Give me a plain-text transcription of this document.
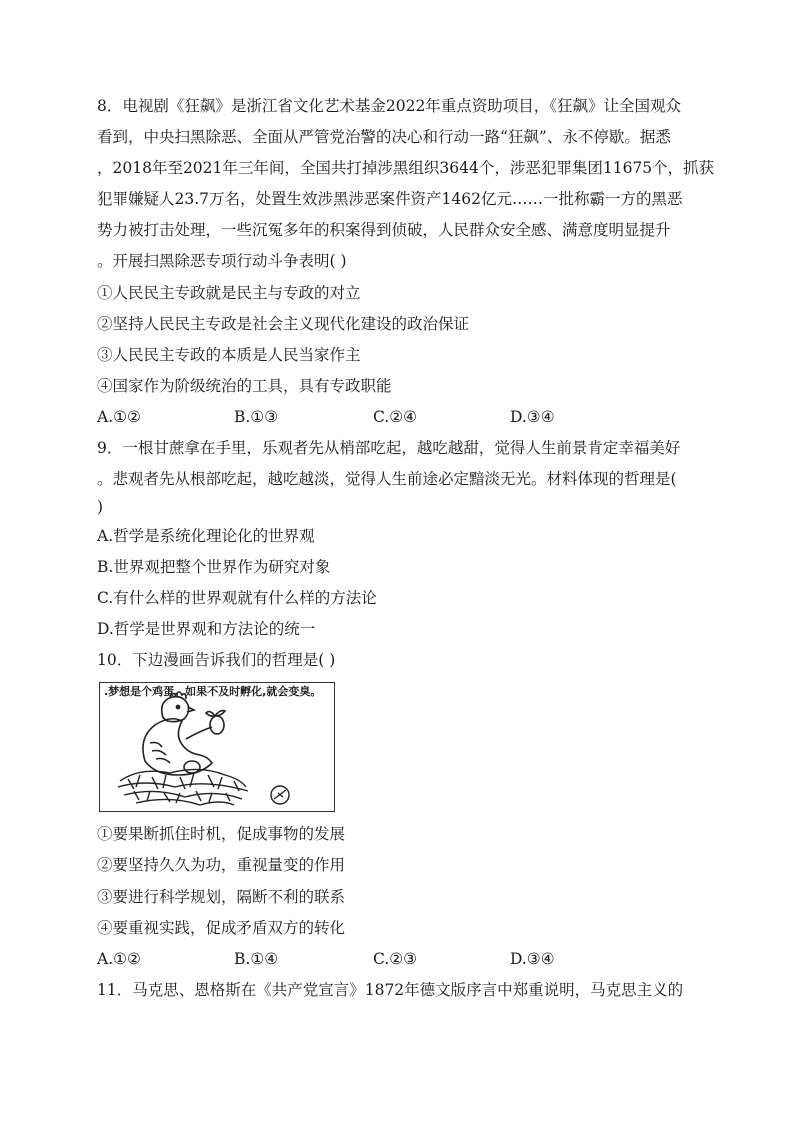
8．电视剧《狂飙》是浙江省文化艺术基金2022年重点资助项目，《狂飙》让全国观众
看到，中央扫黑除恶、全面从严管党治警的决心和行动一路“狂飙”、永不停歇。据悉
，2018年至2021年三年间，全国共打掉涉黑组织3644个，涉恶犯罪集团11675个，抓获
犯罪嫌疑人23.7万名，处置生效涉黑涉恶案件资产1462亿元……一批称霸一方的黑恶
势力被打击处理，一些沉冤多年的积案得到侦破，人民群众安全感、满意度明显提升
。开展扫黑除恶专项行动斗争表明( )
①人民民主专政就是民主与专政的对立
②坚持人民民主专政是社会主义现代化建设的政治保证
③人民民主专政的本质是人民当家作主
④国家作为阶级统治的工具，具有专政职能
A.①②	B.①③	C.②④	D.③④
9．一根甘蔗拿在手里，乐观者先从梢部吃起，越吃越甜，觉得人生前景肯定幸福美好
。悲观者先从根部吃起，越吃越淡，觉得人生前途必定黯淡无光。材料体现的哲理是(
)
A.哲学是系统化理论化的世界观
B.世界观把整个世界作为研究对象
C.有什么样的世界观就有什么样的方法论
D.哲学是世界观和方法论的统一
10．下边漫画告诉我们的哲理是( )
.梦想是个鸡蛋。如果不及时孵化,就会变臭。
①要果断抓住时机，促成事物的发展
②要坚持久久为功，重视量变的作用
③要进行科学规划，隔断不利的联系
④要重视实践，促成矛盾双方的转化
A.①②	B.①④	C.②③	D.③④
11．马克思、恩格斯在《共产党宣言》1872年德文版序言中郑重说明，马克思主义的
